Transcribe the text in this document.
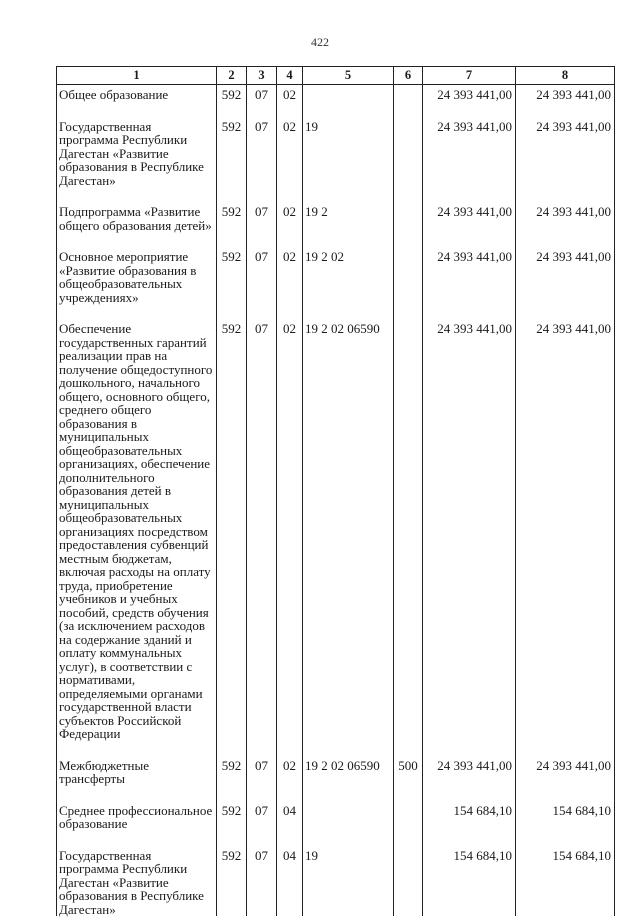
422
1	2	3	4	5	6	7	8
Общее образование	592	07	02			24 393 441,00	24 393 441,00

Государственная программа Республики Дагестан «Развитие образования в Республике Дагестан»	592	07	02	19		24 393 441,00	24 393 441,00

Подпрограмма «Развитие общего образования детей»	592	07	02	19 2		24 393 441,00	24 393 441,00

Основное мероприятие «Развитие образования в общеобразовательных учреждениях»	592	07	02	19 2 02		24 393 441,00	24 393 441,00

Обеспечение государственных гарантий реализации прав на получение общедоступного дошкольного, начального общего, основного общего, среднего общего образования в муниципальных общеобразовательных организациях, обеспечение дополнительного образования детей в муниципальных общеобразовательных организациях посредством предоставления субвенций местным бюджетам, включая расходы на оплату труда, приобретение учебников и учебных пособий, средств обучения (за исключением расходов на содержание зданий и оплату коммунальных услуг), в соответствии с нормативами, определяемыми органами государственной власти субъектов Российской Федерации	592	07	02	19 2 02 06590		24 393 441,00	24 393 441,00

Межбюджетные трансферты	592	07	02	19 2 02 06590	500	24 393 441,00	24 393 441,00

Среднее профессиональное образование	592	07	04			154 684,10	154 684,10

Государственная программа Республики Дагестан «Развитие образования в Республике Дагестан»	592	07	04	19		154 684,10	154 684,10
